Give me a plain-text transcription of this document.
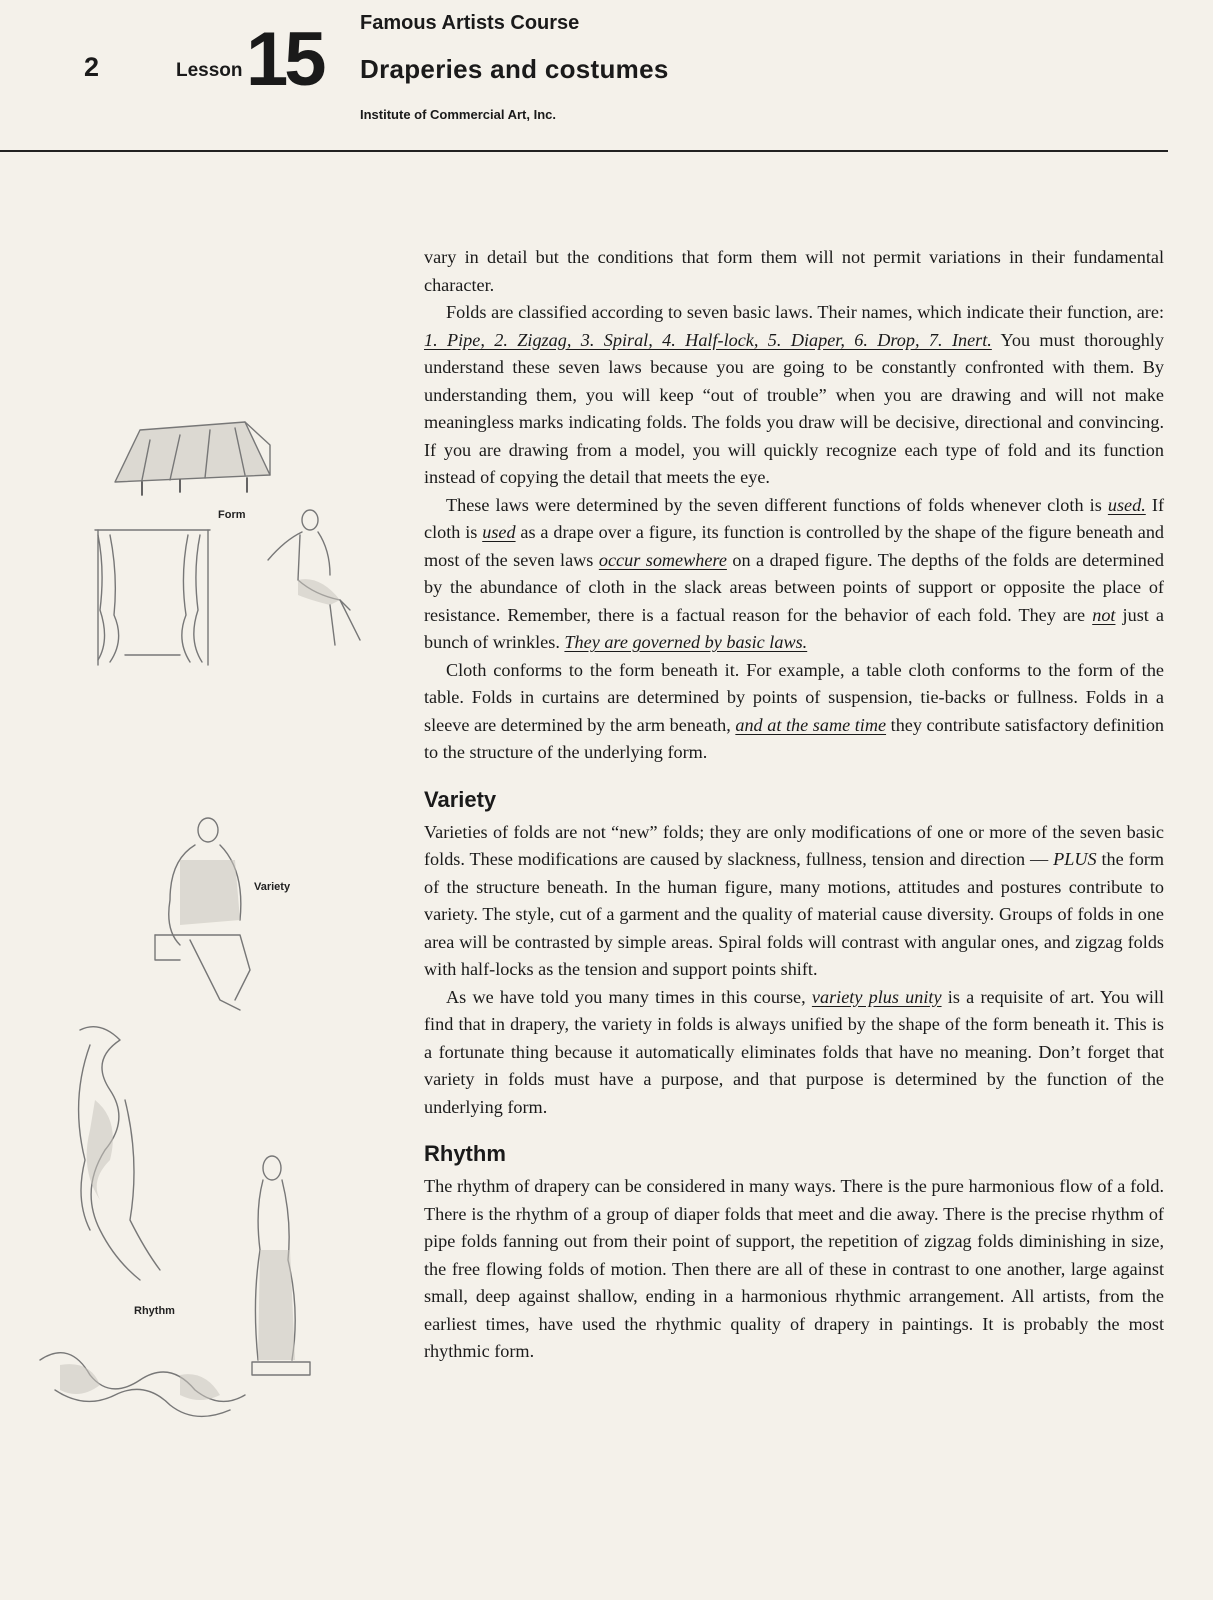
2	Lesson 15 Famous Artists Course
Draperies and costumes
Institute of Commercial Art, Inc.
Form
Variety
Rhythm

vary in detail but the conditions that form them will not permit variations in their fundamental character.

Folds are classified according to seven basic laws. Their names, which indicate their function, are: 1. Pipe, 2. Zigzag, 3. Spiral, 4. Half-lock, 5. Diaper, 6. Drop, 7. Inert. You must thoroughly understand these seven laws because you are going to be constantly confronted with them. By understanding them, you will keep “out of trouble” when you are drawing and will not make meaningless marks indicating folds. The folds you draw will be decisive, directional and convincing. If you are drawing from a model, you will quickly recognize each type of fold and its function instead of copying the detail that meets the eye.

These laws were determined by the seven different functions of folds whenever cloth is used. If cloth is used as a drape over a figure, its function is controlled by the shape of the figure beneath and most of the seven laws occur somewhere on a draped figure. The depths of the folds are determined by the abundance of cloth in the slack areas between points of support or opposite the place of resistance. Remember, there is a factual reason for the behavior of each fold. They are not just a bunch of wrinkles. They are governed by basic laws.

Cloth conforms to the form beneath it. For example, a table cloth conforms to the form of the table. Folds in curtains are determined by points of suspension, tie-backs or fullness. Folds in a sleeve are determined by the arm beneath, and at the same time they contribute satisfactory definition to the structure of the underlying form.

Variety

Varieties of folds are not “new” folds; they are only modifications of one or more of the seven basic folds. These modifications are caused by slackness, fullness, tension and direction — PLUS the form of the structure beneath. In the human figure, many motions, attitudes and postures contribute to variety. The style, cut of a garment and the quality of material cause diversity. Groups of folds in one area will be contrasted by simple areas. Spiral folds will contrast with angular ones, and zigzag folds with half-locks as the tension and support points shift.

As we have told you many times in this course, variety plus unity is a requisite of art. You will find that in drapery, the variety in folds is always unified by the shape of the form beneath it. This is a fortunate thing because it automatically eliminates folds that have no meaning. Don’t forget that variety in folds must have a purpose, and that purpose is determined by the function of the underlying form.

Rhythm

The rhythm of drapery can be considered in many ways. There is the pure harmonious flow of a fold. There is the rhythm of a group of diaper folds that meet and die away. There is the precise rhythm of pipe folds fanning out from their point of support, the repetition of zigzag folds diminishing in size, the free flowing folds of motion. Then there are all of these in contrast to one another, large against small, deep against shallow, ending in a harmonious rhythmic arrangement. All artists, from the earliest times, have used the rhythmic quality of drapery in paintings. It is probably the most rhythmic form.
